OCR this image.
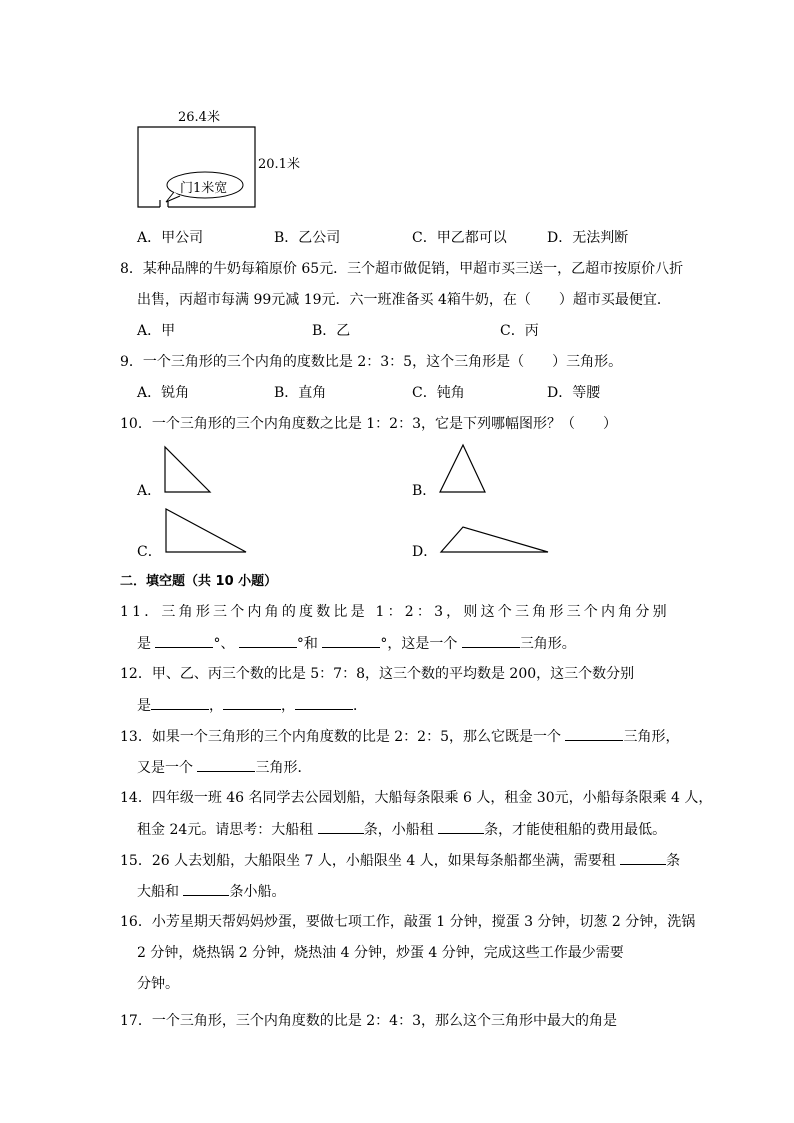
26.4米
20.1米
门1米宽
A．甲公司	B．乙公司	C．甲乙都可以	D．无法判断
8．某种品牌的牛奶每箱原价 65元．三个超市做促销，甲超市买三送一，乙超市按原价八折
出售，丙超市每满 99元减 19元．六一班准备买 4箱牛奶，在（　　）超市买最便宜．
A．甲	B．乙	C．丙
9．一个三角形的三个内角的度数比是 2：3：5，这个三角形是（　　）三角形。
A．锐角	B．直角	C．钝角	D．等腰
10．一个三角形的三个内角度数之比是 1：2：3，它是下列哪幅图形？（　　）
A．	B．
C．	D．
二．填空题（共 10 小题）
11．三角形三个内角的度数比是 1：2：3，则这个三角形三个内角分别
是	°、	°和	°，这是一个	三角形。
12．甲、乙、丙三个数的比是 5：7：8，这三个数的平均数是 200，这三个数分别
是	，	，	．
13．如果一个三角形的三个内角度数的比是 2：2：5，那么它既是一个	三角形，
又是一个	三角形．
14．四年级一班 46 名同学去公园划船，大船每条限乘 6 人，租金 30元，小船每条限乘 4 人，
租金 24元。请思考：大船租	条，小船租	条，才能使租船的费用最低。
15．26 人去划船，大船限坐 7 人，小船限坐 4 人，如果每条船都坐满，需要租	条
大船和	条小船。
16．小芳星期天帮妈妈炒蛋，要做七项工作，敲蛋 1 分钟，搅蛋 3 分钟，切葱 2 分钟，洗锅
2 分钟，烧热锅 2 分钟，烧热油 4 分钟，炒蛋 4 分钟，完成这些工作最少需要
分钟。
17．一个三角形，三个内角度数的比是 2：4：3，那么这个三角形中最大的角是
